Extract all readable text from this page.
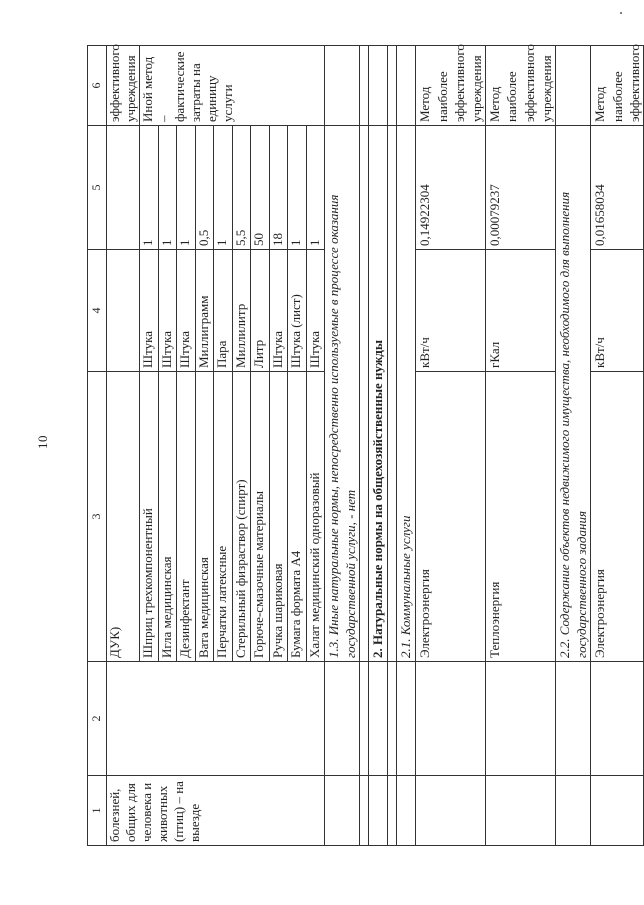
10
1	2	3	4	5	6
болезней, общих для человека и животных (птиц) – на выезде		ДУК)			эффективного учреждения
		Шприц трехкомпонентный	Штука	1	Иной метод – фактические затраты на единицу услуги
		Игла медицинская	Штука	1	
		Дезинфектант	Штука	1	
		Вата медицинская	Миллиграмм	0,5	
		Перчатки латексные	Пара	1	
		Стерильный физраствор (спирт)	Миллилитр	5,5	
		Горюче-смазочные материалы	Литр	50	
		Ручка шариковая	Штука	18	
		Бумага формата А4	Штука (лист)	1	
		Халат медицинский одноразовый	Штука	1	
		1.3. Иные натуральные нормы, непосредственно используемые в процессе оказания государственной услуги, - нет			

		2. Натуральные нормы на общехозяйственные нужды			

		2.1. Коммунальные услуги			
		Электроэнергия	кВт/ч	0,14922304	Метод наиболее эффективного учреждения
		Теплоэнергия	гКал	0,00079237	Метод наиболее эффективного учреждения
		2.2. Содержание объектов недвижимого имущества, необходимого для выполнения государственного задания			
		Электроэнергия	кВт/ч	0,01658034	Метод наиболее эффективного
